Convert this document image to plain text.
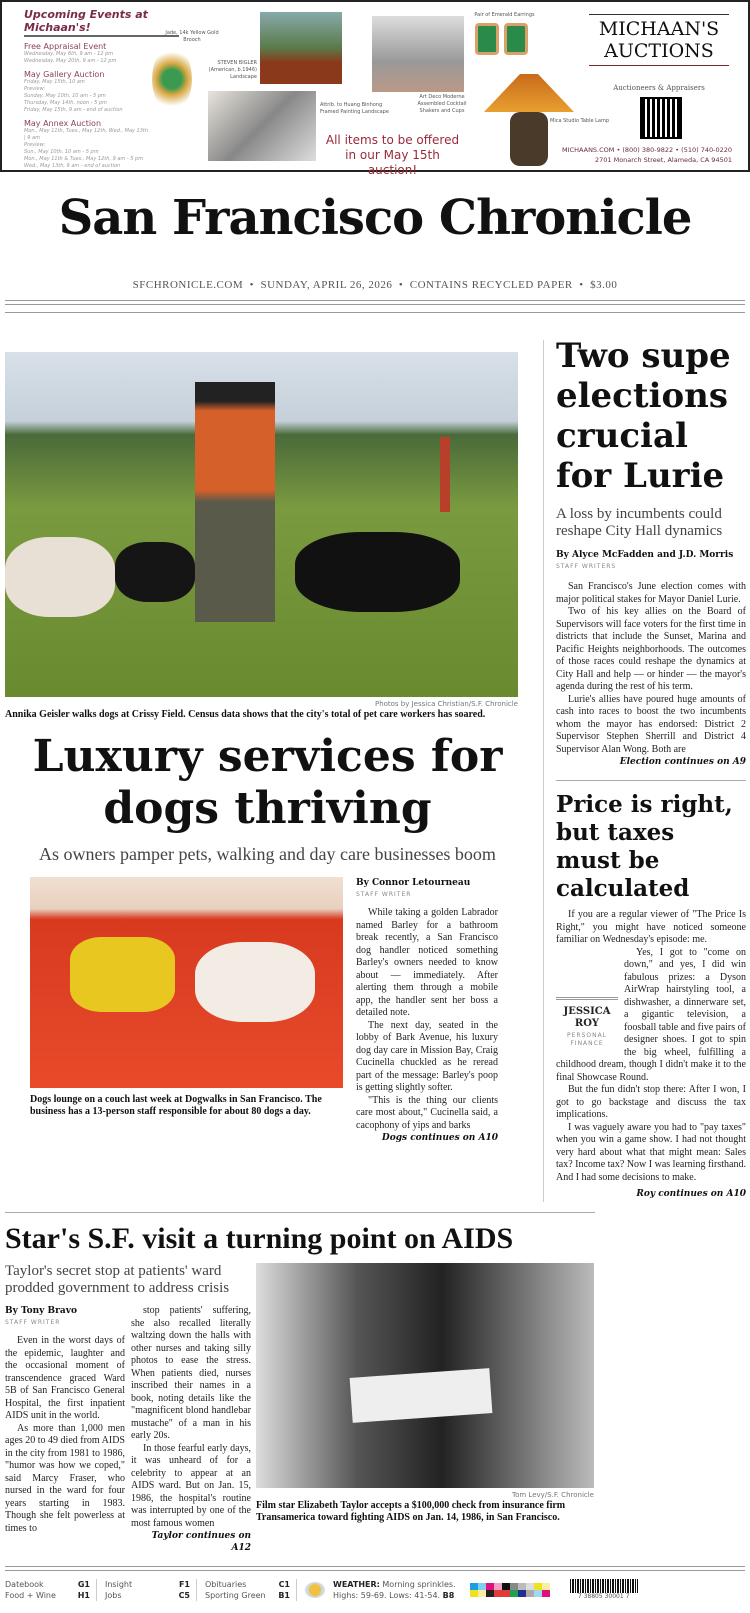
Upcoming Events at Michaan's!
Free Appraisal Event
Wednesday, May 6th, 9 am - 12 pm
Wednesday, May 20th, 9 am - 12 pm
May Gallery Auction
Friday, May 15th, 10 am
Preview:
Sunday, May 10th, 10 am - 5 pm
Thursday, May 14th, noon - 5 pm
Friday, May 15th, 9 am - end of auction
May Annex Auction
Mon., May 11th, Tues., May 12th, Wed., May 13th | 9 am
Preview:
Sun., May 10th, 10 am - 5 pm
Mon., May 11th & Tues., May 12th, 9 am - 5 pm
Wed., May 13th, 9 am - end of auction
Jade, 14k Yellow Gold Brooch
STEVEN BIGLER (American, b.1946) Landscape
Attrib. to Huang Binhong Framed Painting Landscape
All items to be offered in our May 15th auction!
Art Deco Moderne Assembled Cocktail Shakers and Cups
Pair of Emerald Earrings
Mica Studio Table Lamp
MICHAAN'S
AUCTIONS
Auctioneers & Appraisers
MICHAANS.COM • (800) 380-9822 • (510) 740-0220
2701 Monarch Street, Alameda, CA 94501
San Francisco Chronicle
SFCHRONICLE.COM  •  SUNDAY, APRIL 26, 2026  •  CONTAINS RECYCLED PAPER  •  $3.00
Photos by Jessica Christian/S.F. Chronicle
Annika Geisler walks dogs at Crissy Field. Census data shows that the city's total of pet care workers has soared.
Luxury services for dogs thriving
As owners pamper pets, walking and day care businesses boom
Dogs lounge on a couch last week at Dogwalks in San Francisco. The business has a 13-person staff responsible for about 80 dogs a day.
By Connor Letourneau
STAFF WRITER

While taking a golden Labrador named Barley for a bathroom break recently, a San Francisco dog handler noticed something Barley's owners needed to know about — immediately. After alerting them through a mobile app, the handler sent her boss a detailed note.

The next day, seated in the lobby of Bark Avenue, his luxury dog day care in Mission Bay, Craig Cucinella chuckled as he reread part of the message: Barley's poop is getting slightly softer.

"This is the thing our clients care most about," Cucinella said, a cacophony of yips and barks

Dogs continues on A10
Two supe elections crucial for Lurie
A loss by incumbents could reshape City Hall dynamics
By Alyce McFadden and J.D. Morris
STAFF WRITERS

San Francisco's June election comes with major political stakes for Mayor Daniel Lurie.

Two of his key allies on the Board of Supervisors will face voters for the first time in districts that include the Sunset, Marina and Pacific Heights neighborhoods. The outcomes of those races could reshape the dynamics at City Hall and help — or hinder — the mayor's agenda during the rest of his term.

Lurie's allies have poured huge amounts of cash into races to boost the two incumbents whom the mayor has endorsed: District 2 Supervisor Stephen Sherrill and District 4 Supervisor Alan Wong. Both are

Election continues on A9
Price is right, but taxes must be calculated

If you are a regular viewer of "The Price Is Right," you might have noticed someone familiar on Wednesday's episode: me.

JESSICA ROY
PERSONAL FINANCE

Yes, I got to "come on down," and yes, I did win fabulous prizes: a Dyson AirWrap hairstyling tool, a dishwasher, a dinnerware set, a gigantic television, a foosball table and five pairs of designer shoes. I got to spin the big wheel, fulfilling a childhood dream, though I didn't make it to the final Showcase Round.

But the fun didn't stop there: After I won, I got to go backstage and discuss the tax implications.

I was vaguely aware you had to "pay taxes" when you win a game show. I had not thought very hard about what that might mean: Sales tax? Income tax? Now I was learning firsthand. And I had some decisions to make.

Roy continues on A10
Star's S.F. visit a turning point on AIDS
Taylor's secret stop at patients' ward prodded government to address crisis
By Tony Bravo
STAFF WRITER

Even in the worst days of the epidemic, laughter and the occasional moment of transcendence graced Ward 5B of San Francisco General Hospital, the first inpatient AIDS unit in the world.

As more than 1,000 men ages 20 to 49 died from AIDS in the city from 1981 to 1986, "humor was how we coped," said Marcy Fraser, who nursed in the ward for four years starting in 1983. Though she felt powerless at times to

stop patients' suffering, she also recalled literally waltzing down the halls with other nurses and taking silly photos to ease the stress. When patients died, nurses inscribed their names in a book, noting details like the "magnificent blond handlebar mustache" of a man in his early 20s.

In those fearful early days, it was unheard of for a celebrity to appear at an AIDS ward. But on Jan. 15, 1986, the hospital's routine was interrupted by one of the most famous women

Taylor continues on A12
Tom Levy/S.F. Chronicle
Film star Elizabeth Taylor accepts a $100,000 check from insurance firm Transamerica toward fighting AIDS on Jan. 14, 1986, in San Francisco.
Datebook	G1
Food + Wine	H1
Insight	F1
Jobs	C5
Obituaries	C1
Sporting Green B1
WEATHER: Morning sprinkles.
Highs: 59-69. Lows: 41-54. B8	7 38805 30001 7
